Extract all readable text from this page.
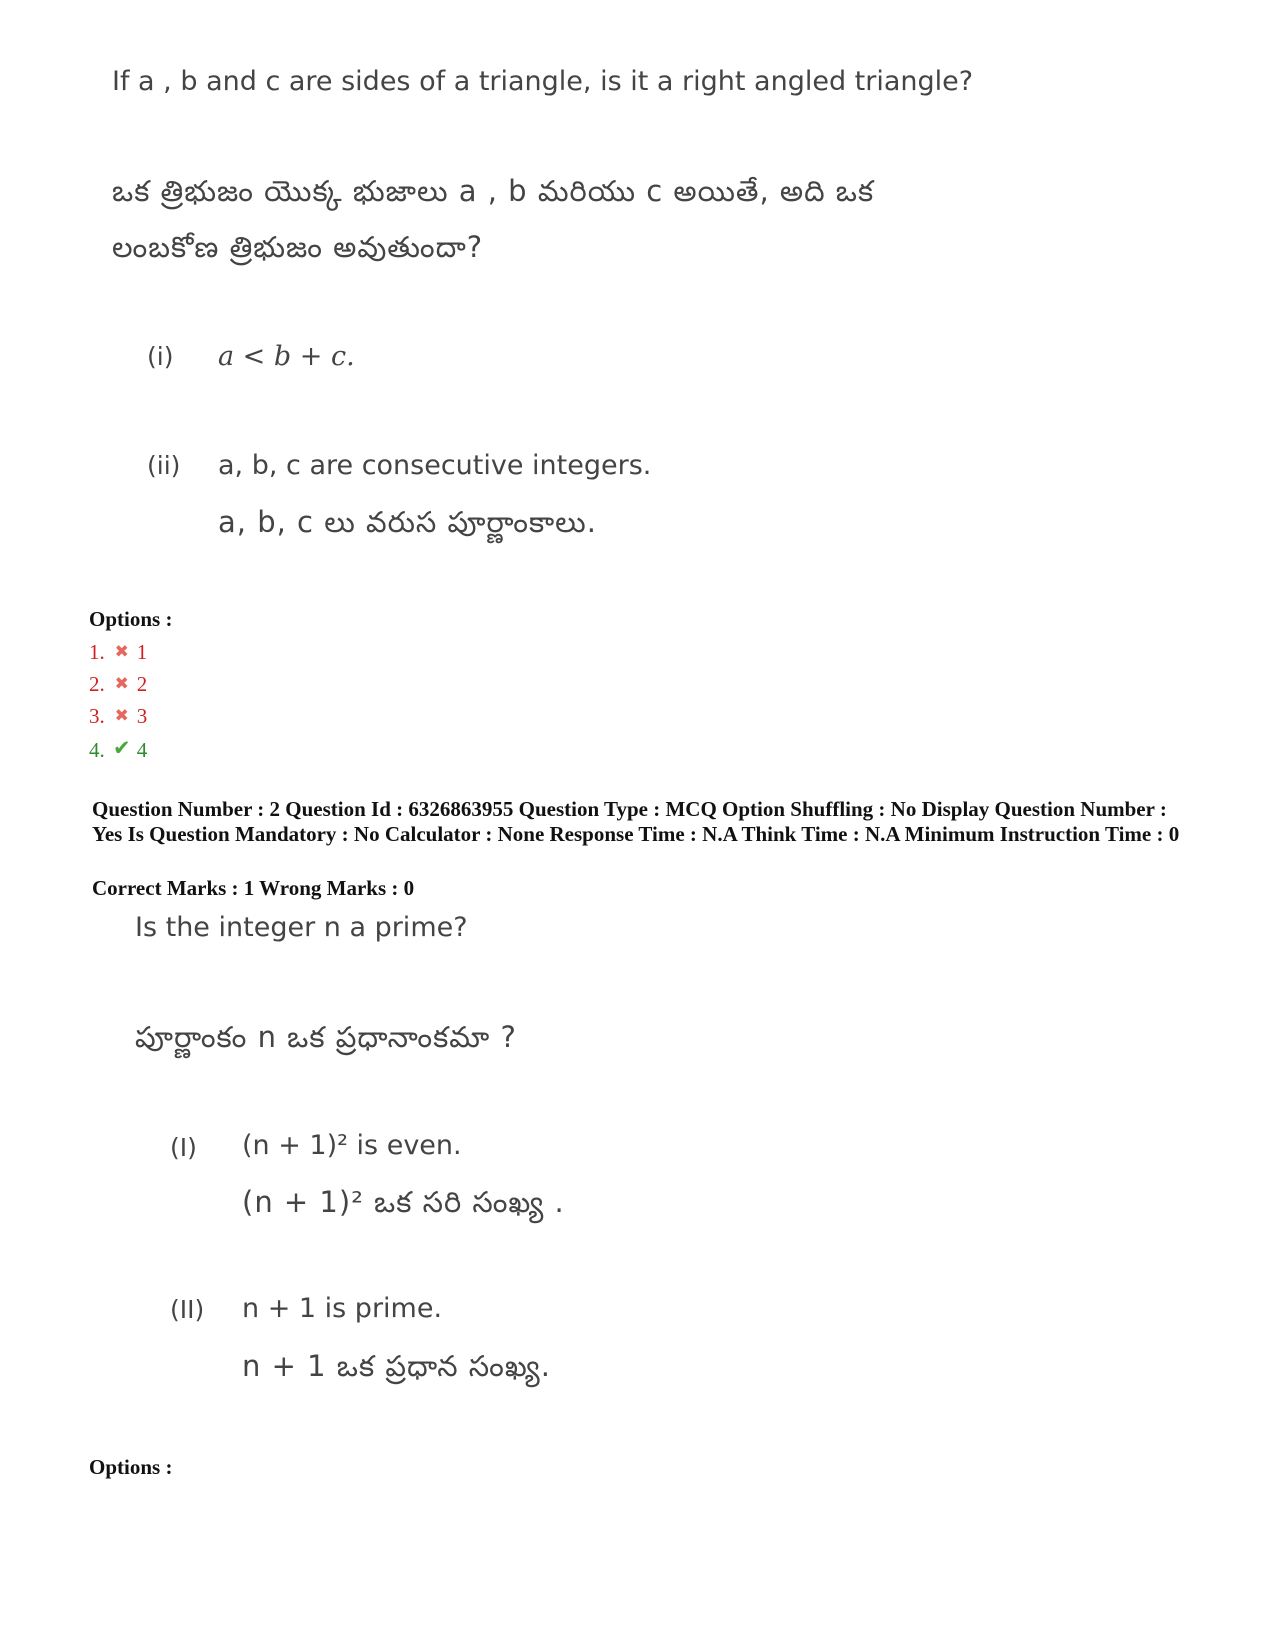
If a , b and c are sides of a triangle, is it a right angled triangle?
ఒక త్రిభుజం యొక్క భుజాలు a , b మరియు c అయితే, అది ఒక
లంబకోణ త్రిభుజం అవుతుందా?
(i) a < b + c.
(ii) a, b, c are consecutive integers.
a, b, c లు వరుస పూర్ణాంకాలు.
Options :
1. ✖ 1
2. ✖ 2
3. ✖ 3
4. ✔ 4
Question Number : 2 Question Id : 6326863955 Question Type : MCQ Option Shuffling : No Display Question Number : Yes Is Question Mandatory : No Calculator : None Response Time : N.A Think Time : N.A Minimum Instruction Time : 0
Correct Marks : 1 Wrong Marks : 0
Is the integer n a prime?
పూర్ణాంకం n ఒక ప్రధానాంకమా ?
(I) (n + 1)² is even.
(n + 1)² ఒక సరి సంఖ్య .
(II) n + 1 is prime.
n + 1 ఒక ప్రధాన సంఖ్య.
Options :
